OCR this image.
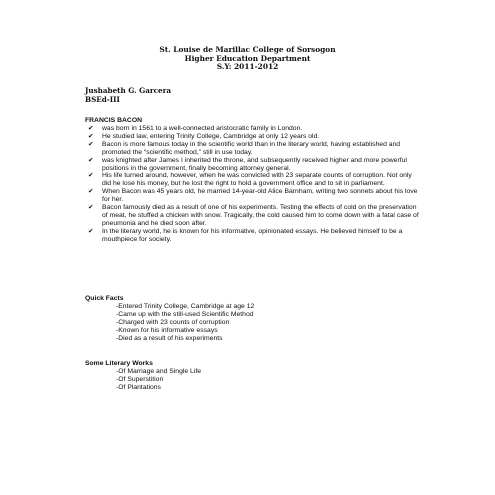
St. Louise de Marillac College of Sorsogon
Higher Education Department
S.Y: 2011-2012
Jushabeth G. Garcera
BSEd-III
FRANCIS BACON
✔ was born in 1561 to a well-connected aristocratic family in London.
✔ He studied law, entering Trinity College, Cambridge at only 12 years old.
✔ Bacon is more famous today in the scientific world than in the literary world, having established and promoted the “scientific method,” still in use today.
✔ was knighted after James I inherited the throne, and subsequently received higher and more powerful positions in the government, finally becoming attorney general.
✔ His life turned around, however, when he was convicted with 23 separate counts of corruption. Not only did he lose his money, but he lost the right to hold a government office and to sit in parliament.
✔ When Bacon was 45 years old, he married 14-year-old Alice Barnham, writing two sonnets about his love for her.
✔ Bacon famously died as a result of one of his experiments. Testing the effects of cold on the preservation of meat, he stuffed a chicken with snow. Tragically, the cold caused him to come down with a fatal case of pneumonia and he died soon after.
✔ In the literary world, he is known for his informative, opinionated essays. He believed himself to be a mouthpiece for society.
Quick Facts
-Entered Trinity College, Cambridge at age 12
-Came up with the still-used Scientific Method
-Charged with 23 counts of corruption
-Known for his informative essays
-Died as a result of his experiments
Some Literary Works
-Of Marriage and Single Life
-Of Superstition
-Of Plantations
